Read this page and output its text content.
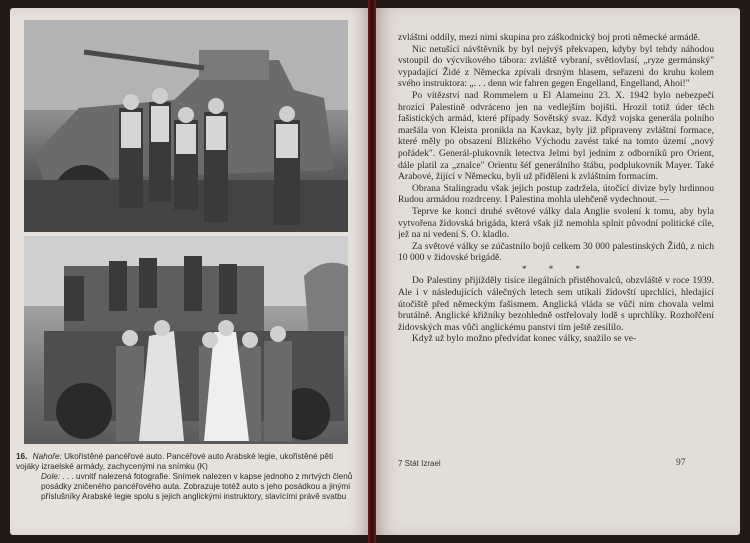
16. Nahoře: Ukořistěné pancéřové auto. Pancéřové auto Arabské legie, ukořistěné pěti vojáky izraelské armády, zachycenými na snímku (K)

Dole: . . . uvnitř nalezená fotografie. Snímek nalezen v kapse jednoho z mrtvých členů posádky zničeného pancéřového auta. Zobrazuje totéž auto s jeho posádkou a jinými příslušníky Arabské legie spolu s jejich anglickými instruktory, slavícími právě svatbu

zvláštní oddíly, mezi nimi skupina pro záškodnický boj proti německé armádě.

Nic netušící návštěvník by byl nejvýš překvapen, kdyby byl tehdy náhodou vstoupil do výcvikového tábora: zvláště vybraní, světlovlasí, „ryze germánský" vypadající Židé z Německa zpívali drsným hlasem, seřazeni do kruhu kolem svého instruktora: „. . . denn wir fahren gegen Engelland, Engelland, Ahoi!"

Po vítězství nad Rommelem u El Alameinu 23. X. 1942 bylo nebezpečí hrozící Palestině odvráceno jen na vedlejším bojišti. Hrozil totiž úder těch fašistických armád, které případy Sovětský svaz. Když vojska generála polního maršála von Kleista pronikla na Kavkaz, byly již připraveny zvláštní formace, které měly po obsazení Blízkého Východu zavést také na tomto území „nový pořádek". Generál-plukovník letectva Jelmi byl jedním z odborníků pro Orient, dále platil za „znalce" Orientu šéf generálního štábu, podplukovník Mayer. Také Arabové, žijící v Německu, byli už přiděleni k zvláštním formacím.

Obrana Stalingradu však jejich postup zadržela, útočící divize byly hrdinnou Rudou armádou rozdrceny. I Palestina mohla ulehčeně vydechnout. —

Teprve ke konci druhé světové války dala Anglie svolení k tomu, aby byla vytvořena židovská brigáda, která však již nemohla splnit původní politické cíle, jež na ni vedení S. O. kladlo.

Za světové války se zúčastnilo bojů celkem 30 000 palestinských Židů, z nich 10 000 v židovské brigádě.

* * *

Do Palestiny přijížděly tisíce ilegálních přistěhovalců, obzvláště v roce 1939. Ale i v následujících válečných letech sem utíkali židovští uprchlíci, hledající útočiště před německým fašismem. Anglická vláda se vůči nim chovala velmi brutálně. Anglické křižníky bezohledně ostřelovaly lodě s uprchlíky. Rozhořčení židovských mas vůči anglickému panství tím ještě zesílilo.

Když už bylo možno předvídat konec války, snažilo se ve-

7 Stát Izrael	97
